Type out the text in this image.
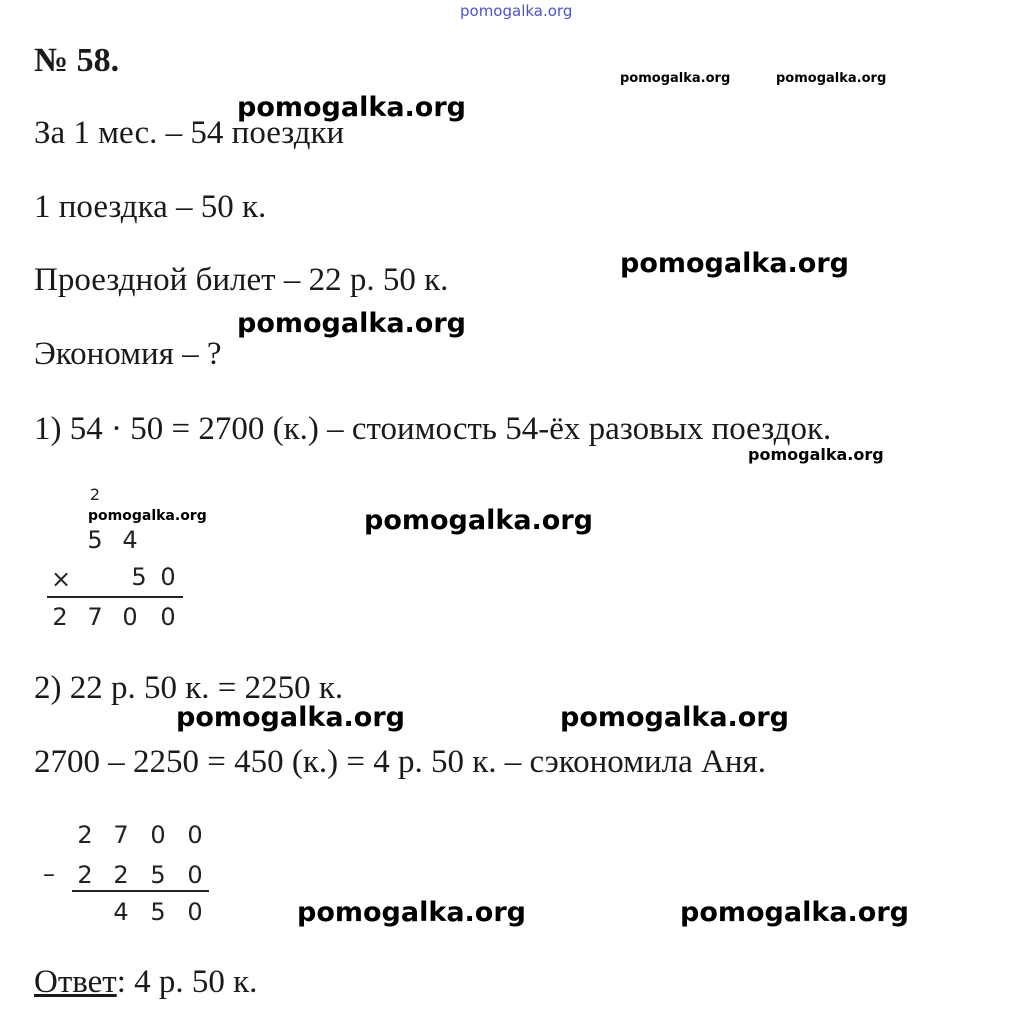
pomogalka.org
pomogalka.org	pomogalka.org
№ 58.
За 1 мес. – 54 поездки
pomogalka.org
1 поездка – 50 к.
Проездной билет – 22 р. 50 к.	pomogalka.org
pomogalka.org
Экономия – ?
1) 54 · 50 = 2700 (к.) – стоимость 54-ёх разовых поездок.
pomogalka.org
2
pomogalka.org
5 4
×	5 0
2 7 0 0
pomogalka.org
2) 22 р. 50 к. = 2250 к.
pomogalka.org	pomogalka.org
2700 – 2250 = 450 (к.) = 4 р. 50 к. – сэкономила Аня.
2 7 0 0
– 2 2 5 0
4 5 0	pomogalka.org	pomogalka.org
Ответ: 4 р. 50 к.
